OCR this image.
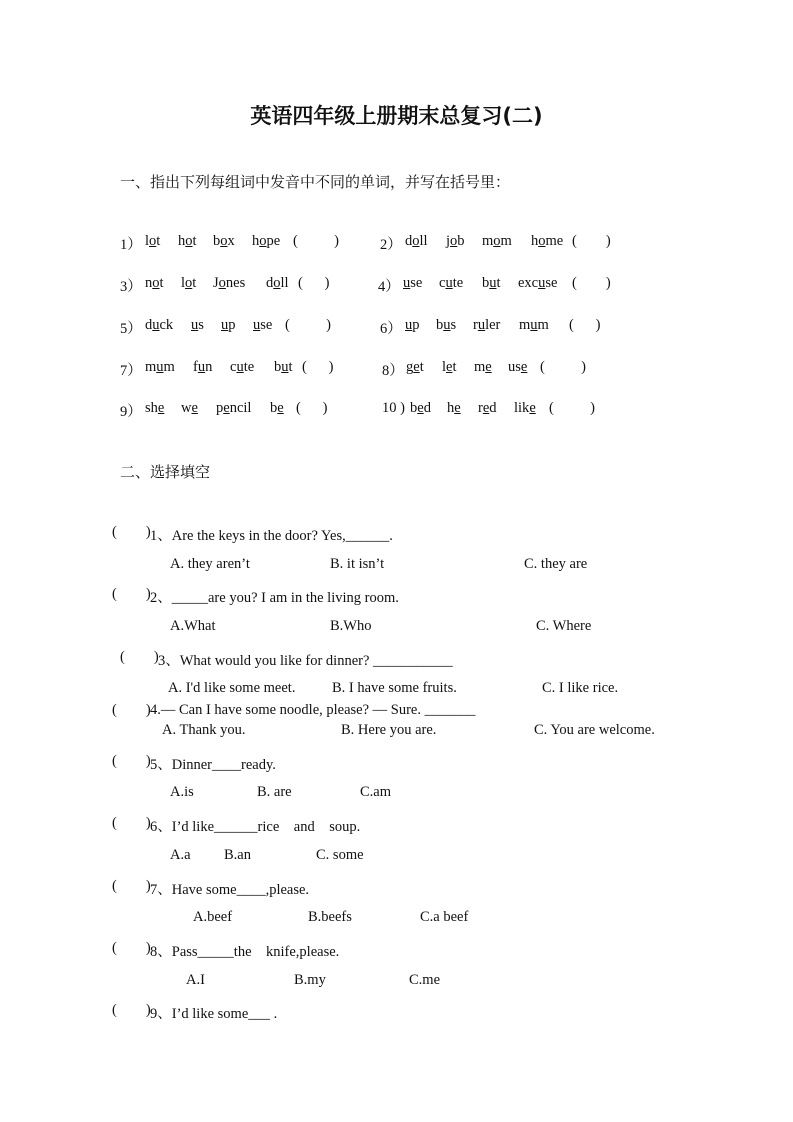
英语四年级上册期末总复习(二)
一、指出下列每组词中发音中不同的单词，并写在括号里：
1） lot hot box hope (          )	2） doll job mom home (        )
3） not lot Jones doll (      )	4） use cute but excuse (        )
5） duck us up use (          )	6） up bus ruler mum (      )
7） mum fun cute but (      )	8） get let me use (          )
9） she we pencil be (      )	10 ) bed he red like (          )
二、选择填空
(        ) 1、Are the keys in the door? Yes,______.
A. they aren’t	B. it isn’t	C. they are
(        ) 2、_____are you? I am in the living room.
A.What	B.Who	C. Where
(        ) 3、What would you like for dinner? ___________
A. I'd like some meet.	B. I have some fruits.	C. I like rice.
(        ) 4.— Can I have some noodle, please? — Sure. _______
A. Thank you.	B. Here you are.	C. You are welcome.
(        ) 5、Dinner____ready.
A.is	B. are	C.am
(        ) 6、I’d like______rice    and    soup.
A.a B.an	C. some
(        ) 7、Have some____,please.
A.beef	B.beefs	C.a beef
(        ) 8、Pass_____the    knife,please.
A.I	B.my	C.me
(        ) 9、I’d like some___ .
